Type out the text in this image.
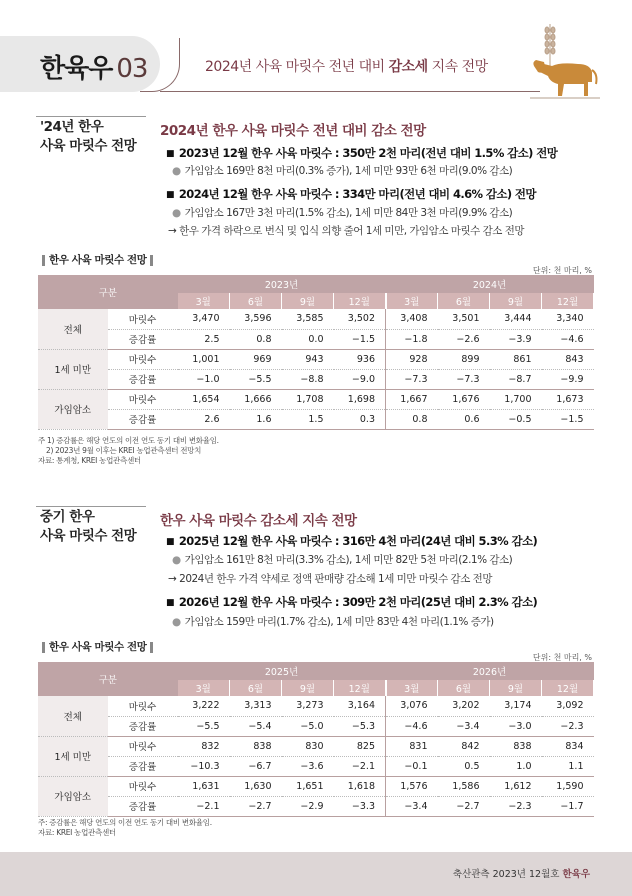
한육우 03	2024년 사육 마릿수 전년 대비 감소세 지속 전망
'24년 한우
사육 마릿수 전망
2024년 한우 사육 마릿수 전년 대비 감소 전망
■ 2023년 12월 한우 사육 마릿수 : 350만 2천 마리(전년 대비 1.5% 감소) 전망
● 가임암소 169만 8천 마리(0.3% 증가), 1세 미만 93만 6천 마리(9.0% 감소)
■ 2024년 12월 한우 사육 마릿수 : 334만 마리(전년 대비 4.6% 감소) 전망
● 가임암소 167만 3천 마리(1.5% 감소), 1세 미만 84만 3천 마리(9.9% 감소)
→ 한우 가격 하락으로 번식 및 입식 의향 줄어 1세 미만, 가임암소 마릿수 감소 전망
한우 사육 마릿수 전망
단위: 천 마리, %
구분		2023년				2024년			
		3월	6월	9월	12월	3월	6월	9월	12월
전체	마릿수	3,470	3,596	3,585	3,502	3,408	3,501	3,444	3,340
	증감률	2.5	0.8	0.0	−1.5	−1.8	−2.6	−3.9	−4.6
1세 미만	마릿수	1,001	969	943	936	928	899	861	843
	증감률	−1.0	−5.5	−8.8	−9.0	−7.3	−7.3	−8.7	−9.9
가임암소	마릿수	1,654	1,666	1,708	1,698	1,667	1,676	1,700	1,673
	증감률	2.6	1.6	1.5	0.3	0.8	0.6	−0.5	−1.5
주 1) 증감률은 해당 연도의 이전 연도 동기 대비 변화율임.
2) 2023년 9월 이후는 KREI 농업관측센터 전망치
자료: 통계청, KREI 농업관측센터
중기 한우
사육 마릿수 전망
한우 사육 마릿수 감소세 지속 전망
■ 2025년 12월 한우 사육 마릿수 : 316만 4천 마리(24년 대비 5.3% 감소)
● 가임암소 161만 8천 마리(3.3% 감소), 1세 미만 82만 5천 마리(2.1% 감소)
→ 2024년 한우 가격 약세로 정액 판매량 감소해 1세 미만 마릿수 감소 전망
■ 2026년 12월 한우 사육 마릿수 : 309만 2천 마리(25년 대비 2.3% 감소)
● 가임암소 159만 마리(1.7% 감소), 1세 미만 83만 4천 마리(1.1% 증가)
한우 사육 마릿수 전망
단위: 천 마리, %
구분		2025년				2026년			
		3월	6월	9월	12월	3월	6월	9월	12월
전체	마릿수	3,222	3,313	3,273	3,164	3,076	3,202	3,174	3,092
	증감률	−5.5	−5.4	−5.0	−5.3	−4.6	−3.4	−3.0	−2.3
1세 미만	마릿수	832	838	830	825	831	842	838	834
	증감률	−10.3	−6.7	−3.6	−2.1	−0.1	0.5	1.0	1.1
가임암소	마릿수	1,631	1,630	1,651	1,618	1,576	1,586	1,612	1,590
	증감률	−2.1	−2.7	−2.9	−3.3	−3.4	−2.7	−2.3	−1.7
주: 증감률은 해당 연도의 이전 연도 동기 대비 변화율임.
자료: KREI 농업관측센터
축산관측 2023년 12월호 한육우
